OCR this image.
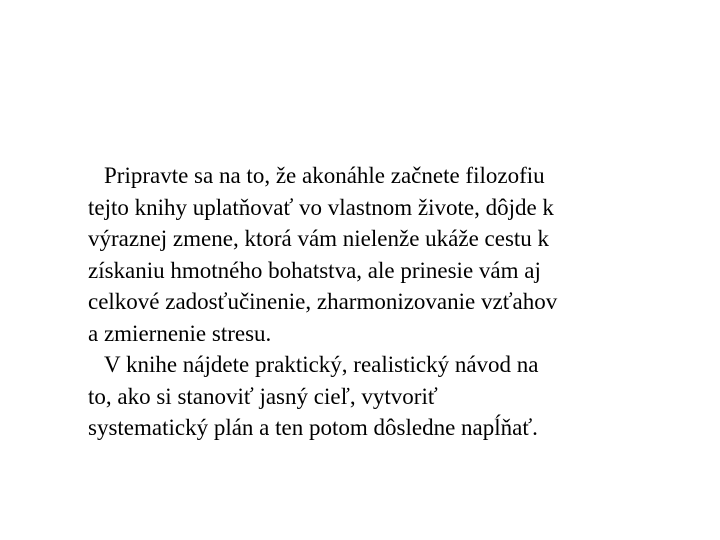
Pripravte sa na to, že akonáhle začnete filozofiu
tejto knihy uplatňovať vo vlastnom živote, dôjde k
výraznej zmene, ktorá vám nielenže ukáže cestu k
získaniu hmotného bohatstva, ale prinesie vám aj
celkové zadosťučinenie, zharmonizovanie vzťahov
a zmiernenie stresu.

V knihe nájdete praktický, realistický návod na
to, ako si stanoviť jasný cieľ, vytvoriť
systematický plán a ten potom dôsledne napĺňať.
